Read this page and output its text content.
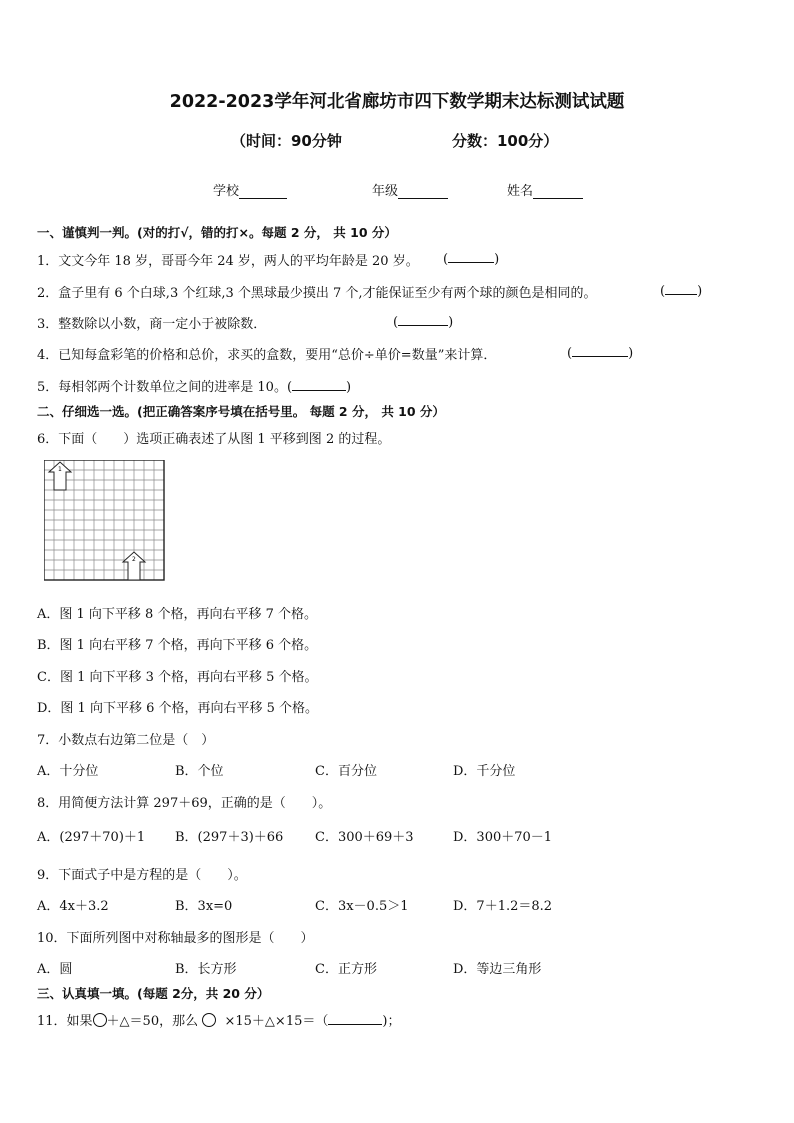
2022-2023学年河北省廊坊市四下数学期末达标测试试题
（时间：90分钟	分数：100分）
学校	年级	姓名
一、谨慎判一判。(对的打√，错的打×。每题 2 分， 共 10 分）
1．文文今年 18 岁，哥哥今年 24 岁，两人的平均年龄是 20 岁。 (	)
2．盒子里有 6 个白球,3 个红球,3 个黑球最少摸出 7 个,才能保证至少有两个球的颜色是相同的。	( )
3．整数除以小数，商一定小于被除数．	(	)
4．已知每盒彩笔的价格和总价，求买的盒数，要用“总价÷单价=数量”来计算．	(	)
5．每相邻两个计数单位之间的进率是 10。(	)
二、仔细选一选。(把正确答案序号填在括号里。 每题 2 分， 共 10 分）
6．下面（　　）选项正确表述了从图 1 平移到图 2 的过程。
1
2
A．图 1 向下平移 8 个格，再向右平移 7 个格。
B．图 1 向右平移 7 个格，再向下平移 6 个格。
C．图 1 向下平移 3 个格，再向右平移 5 个格。
D．图 1 向下平移 6 个格，再向右平移 5 个格。
7．小数点右边第二位是（　）
A．十分位	B．个位	C．百分位	D．千分位
8．用简便方法计算 297＋69，正确的是（　　）。
A．(297＋70)＋1 B．(297＋3)＋66 C．300＋69＋3	D．300＋70－1
9．下面式子中是方程的是（　　）。
A．4x＋3.2	B．3x=0	C．3x－0.5＞1	D．7＋1.2＝8.2
10．下面所列图中对称轴最多的图形是（　　）
A．圆	B．长方形	C．正方形	D．等边三角形
三、认真填一填。(每题 2分，共 20 分）
11．如果 ＋△＝50，那么 ×15＋△×15＝（	)；
